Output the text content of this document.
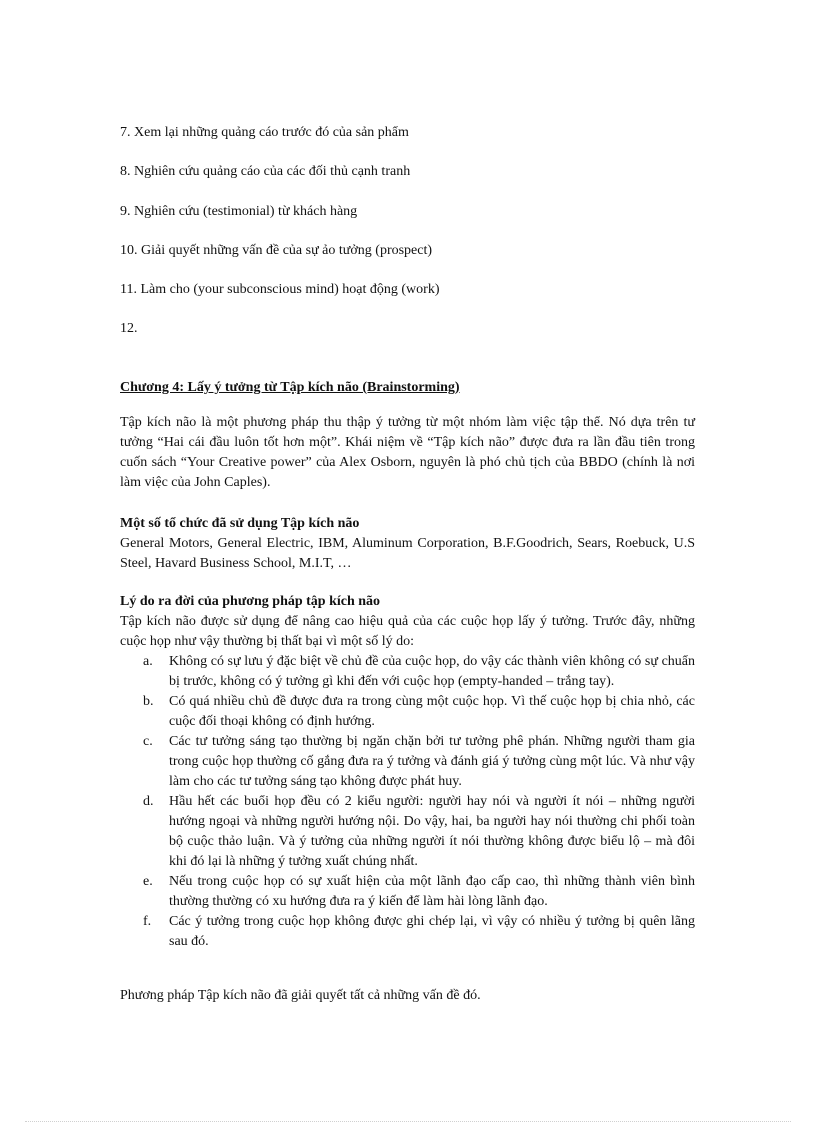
7. Xem lại những quảng cáo trước đó của sản phẩm
8. Nghiên cứu quảng cáo của các đối thủ cạnh tranh
9. Nghiên cứu (testimonial) từ khách hàng
10. Giải quyết những vấn đề của sự ảo tưởng (prospect)
11. Làm cho (your subconscious mind) hoạt động (work)
12.
Chương 4: Lấy ý tưởng từ Tập kích não (Brainstorming)
Tập kích não là một phương pháp thu thập ý tưởng từ một nhóm làm việc tập thể. Nó dựa trên tư tưởng “Hai cái đầu luôn tốt hơn một”. Khái niệm về “Tập kích não” được đưa ra lần đầu tiên trong cuốn sách “Your Creative power” của Alex Osborn, nguyên là phó chủ tịch của BBDO (chính là nơi làm việc của John Caples).
Một số tổ chức đã sử dụng Tập kích não
General Motors, General Electric, IBM, Aluminum Corporation, B.F.Goodrich, Sears, Roebuck, U.S Steel, Havard Business School, M.I.T, …
Lý do ra đời của phương pháp tập kích não
Tập kích não được sử dụng để nâng cao hiệu quả của các cuộc họp lấy ý tưởng. Trước đây, những cuộc họp như vậy thường bị thất bại vì một số lý do:
a. Không có sự lưu ý đặc biệt về chủ đề của cuộc họp, do vậy các thành viên không có sự chuẩn bị trước, không có ý tưởng gì khi đến với cuộc họp (empty-handed – trắng tay).
b. Có quá nhiều chủ đề được đưa ra trong cùng một cuộc họp. Vì thế cuộc họp bị chia nhỏ, các cuộc đối thoại không có định hướng.
c. Các tư tưởng sáng tạo thường bị ngăn chặn bởi tư tưởng phê phán. Những người tham gia trong cuộc họp thường cố gắng đưa ra ý tưởng và đánh giá ý tưởng cùng một lúc. Và như vậy làm cho các tư tưởng sáng tạo không được phát huy.
d. Hầu hết các buổi họp đều có 2 kiểu người: người hay nói và người ít nói – những người hướng ngoại và những người hướng nội. Do vậy, hai, ba người hay nói thường chi phối toàn bộ cuộc thảo luận. Và ý tưởng của những người ít nói thường không được biểu lộ – mà đôi khi đó lại là những ý tưởng xuất chúng nhất.
e. Nếu trong cuộc họp có sự xuất hiện của một lãnh đạo cấp cao, thì những thành viên bình thường thường có xu hướng đưa ra ý kiến để làm hài lòng lãnh đạo.
f. Các ý tưởng trong cuộc họp không được ghi chép lại, vì vậy có nhiều ý tưởng bị quên lãng sau đó.
Phương pháp Tập kích não đã giải quyết tất cả những vấn đề đó.
